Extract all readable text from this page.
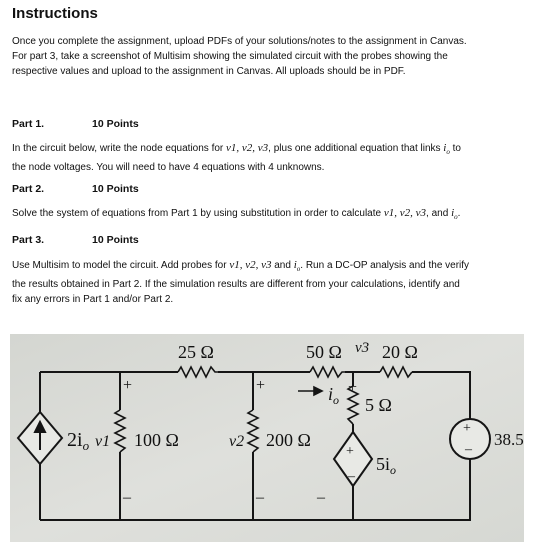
Instructions
Once you complete the assignment, upload PDFs of your solutions/notes to the assignment in Canvas.
For part 3, take a screenshot of Multisim showing the simulated circuit with the probes showing the
respective values and upload to the assignment in Canvas. All uploads should be in PDF.
Part 1.	10 Points
In the circuit below, write the node equations for v1, v2, v3, plus one additional equation that links $i_o$ to
the node voltages. You will need to have 4 equations with 4 unknowns.
Part 2.	10 Points
Solve the system of equations from Part 1 by using substitution in order to calculate v1, v2, v3, and $i_o$.
Part 3.	10 Points
Use Multisim to model the circuit. Add probes for v1, v2, v3 and $i_o$. Run a DC-OP analysis and the verify
the results obtained in Part 2. If the simulation results are different from your calculations, identify and
fix any errors in Part 1 and/or Part 2.
25 Ω	50 Ω v3 20 Ω
5 Ω
$i_o$
+
$2i_o$ v1 100 Ω	v2 200 Ω
$5i_o$
+
–
+
–
38.5
+
–
+
–	–
